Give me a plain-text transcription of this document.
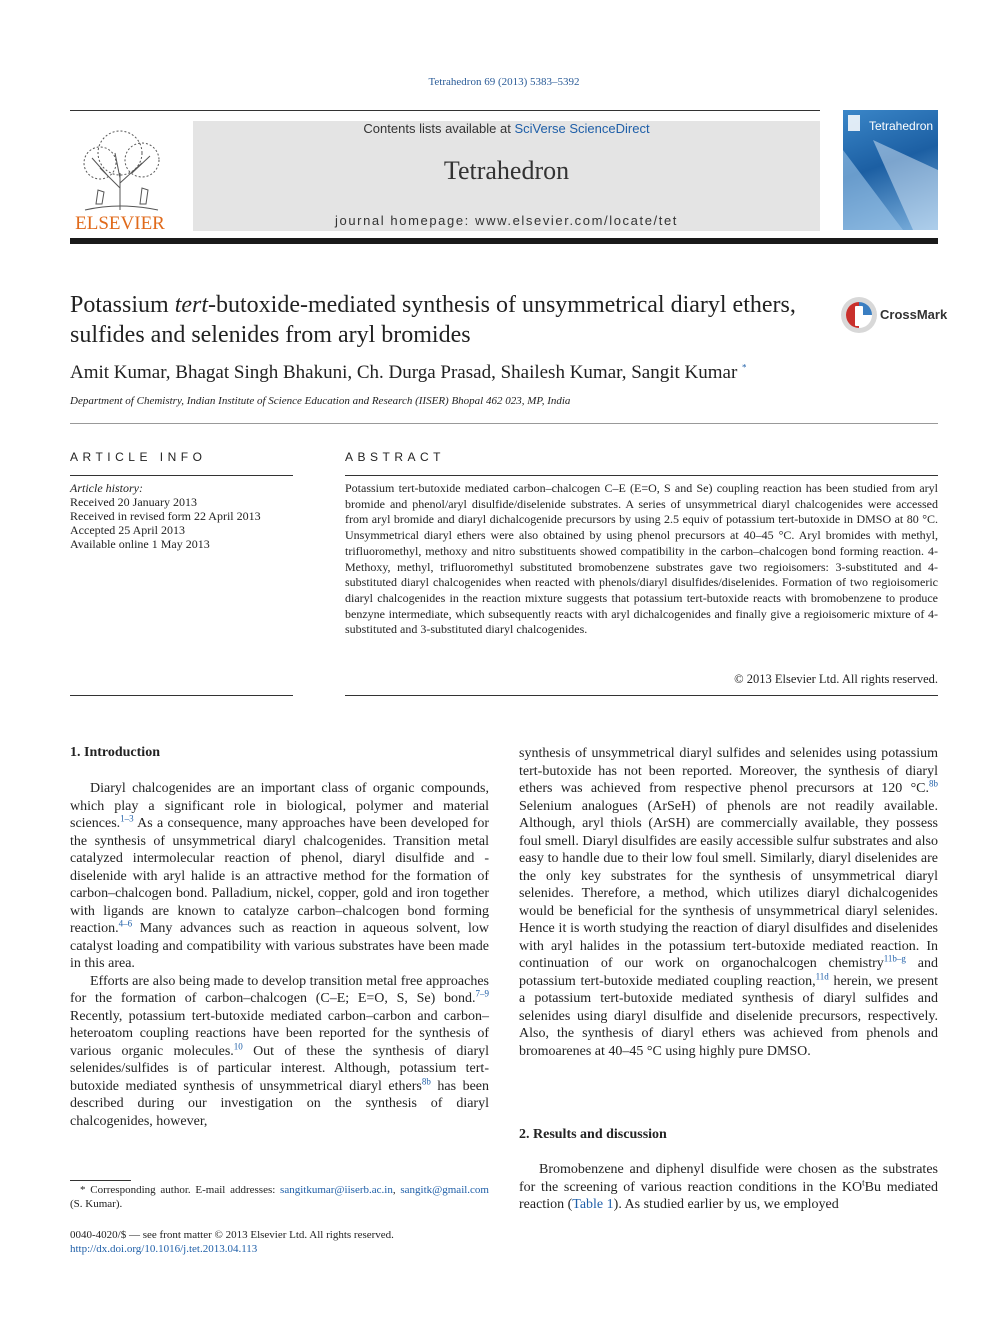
Tetrahedron 69 (2013) 5383–5392
ELSEVIER
Contents lists available at SciVerse ScienceDirect
Tetrahedron
journal homepage: www.elsevier.com/locate/tet
Tetrahedron
Potassium tert-butoxide-mediated synthesis of unsymmetrical diaryl ethers, sulfides and selenides from aryl bromides
CrossMark
Amit Kumar, Bhagat Singh Bhakuni, Ch. Durga Prasad, Shailesh Kumar, Sangit Kumar *
Department of Chemistry, Indian Institute of Science Education and Research (IISER) Bhopal 462 023, MP, India
ARTICLE INFO
Article history:
Received 20 January 2013
Received in revised form 22 April 2013
Accepted 25 April 2013
Available online 1 May 2013
ABSTRACT
Potassium tert-butoxide mediated carbon–chalcogen C–E (E=O, S and Se) coupling reaction has been studied from aryl bromide and phenol/aryl disulfide/diselenide substrates. A series of unsymmetrical diaryl chalcogenides were accessed from aryl bromide and diaryl dichalcogenide precursors by using 2.5 equiv of potassium tert-butoxide in DMSO at 80 °C. Unsymmetrical diaryl ethers were also obtained by using phenol precursors at 40–45 °C. Aryl bromides with methyl, trifluoromethyl, methoxy and nitro substituents showed compatibility in the carbon–chalcogen bond forming reaction. 4-Methoxy, methyl, trifluoromethyl substituted bromobenzene substrates gave two regioisomers: 3-substituted and 4-substituted diaryl chalcogenides when reacted with phenols/diaryl disulfides/diselenides. Formation of two regioisomeric diaryl chalcogenides in the reaction mixture suggests that potassium tert-butoxide reacts with bromobenzene to produce benzyne intermediate, which subsequently reacts with aryl dichalcogenides and finally give a regioisomeric mixture of 4-substituted and 3-substituted diaryl chalcogenides.
© 2013 Elsevier Ltd. All rights reserved.
1. Introduction

Diaryl chalcogenides are an important class of organic compounds, which play a significant role in biological, polymer and material sciences.$^{1-3}$ As a consequence, many approaches have been developed for the synthesis of unsymmetrical diaryl chalcogenides. Transition metal catalyzed intermolecular reaction of phenol, diaryl disulfide and -diselenide with aryl halide is an attractive method for the formation of carbon–chalcogen bond. Palladium, nickel, copper, gold and iron together with ligands are known to catalyze carbon–chalcogen bond forming reaction.$^{4-6}$ Many advances such as reaction in aqueous solvent, low catalyst loading and compatibility with various substrates have been made in this area.

Efforts are also being made to develop transition metal free approaches for the formation of carbon–chalcogen (C–E; E=O, S, Se) bond.$^{7-9}$ Recently, potassium tert-butoxide mediated carbon–carbon and carbon–heteroatom coupling reactions have been reported for the synthesis of various organic molecules.$^{10}$ Out of these the synthesis of diaryl selenides/sulfides is of particular interest. Although, potassium tert-butoxide mediated synthesis of unsymmetrical diaryl ethers$^{8b}$ has been described during our investigation on the synthesis of diaryl chalcogenides, however,

synthesis of unsymmetrical diaryl sulfides and selenides using potassium tert-butoxide has not been reported. Moreover, the synthesis of diaryl ethers was achieved from respective phenol precursors at 120 °C.$^{8b}$ Selenium analogues (ArSeH) of phenols are not readily available. Although, aryl thiols (ArSH) are commercially available, they possess foul smell. Diaryl disulfides are easily accessible sulfur substrates and also easy to handle due to their low foul smell. Similarly, diaryl diselenides are the only key substrates for the synthesis of unsymmetrical diaryl selenides. Therefore, a method, which utilizes diaryl dichalcogenides would be beneficial for the synthesis of unsymmetrical diaryl selenides. Hence it is worth studying the reaction of diaryl disulfides and diselenides with aryl halides in the potassium tert-butoxide mediated reaction. In continuation of our work on organochalcogen chemistry$^{11b-g}$ and potassium tert-butoxide mediated coupling reaction,$^{11d}$ herein, we present a potassium tert-butoxide mediated synthesis of diaryl sulfides and selenides using diaryl disulfide and diselenide precursors, respectively. Also, the synthesis of diaryl ethers was achieved from phenols and bromoarenes at 40–45 °C using highly pure DMSO.

2. Results and discussion

Bromobenzene and diphenyl disulfide were chosen as the substrates for the screening of various reaction conditions in the $KO^tBu$ mediated reaction (Table 1). As studied earlier by us, we employed

* Corresponding author. E-mail addresses: sangitkumar@iiserb.ac.in, sangitk@gmail.com (S. Kumar).
0040-4020/$ — see front matter © 2013 Elsevier Ltd. All rights reserved.
http://dx.doi.org/10.1016/j.tet.2013.04.113
